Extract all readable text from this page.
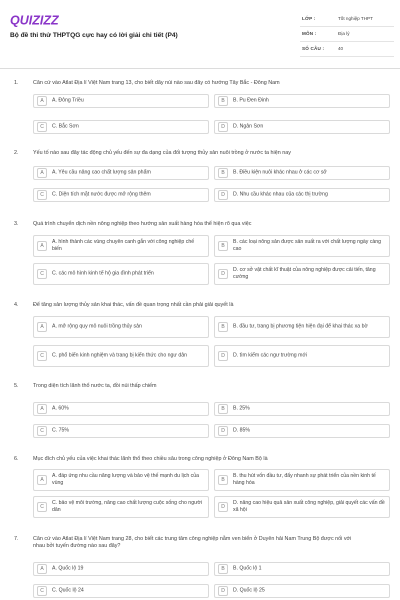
QUIZIZZ
Bộ đề thi thử THPTQG cực hay có lời giải chi tiết (P4)
LỚP :	Tốt nghiệp THPT
MÔN :	Địa lý
SỐ CÂU :	40
1.	Căn cứ vào Atlat Địa lí Việt Nam trang 13, cho biết dãy núi nào sau đây có hướng Tây Bắc - Đông Nam
A	A. Đông Triều	B	B. Pu Đen Đinh
C	C. Bắc Sơn	D	D. Ngân Sơn
2.	Yếu tố nào sau đây tác động chủ yếu đến sự đa dạng của đối tượng thủy sản nuôi trồng ở nước ta hiện nay
A	A. Yêu cầu nâng cao chất lượng sản phẩm	B	B. Điều kiện nuôi khác nhau ở các cơ sở
C	C. Diện tích mặt nước được mở rộng thêm	D	D. Nhu cầu khác nhau của các thị trường
3.	Quá trình chuyển dịch nền nông nghiệp theo hướng sản xuất hàng hóa thể hiện rõ qua việc
A
A. hình thành các vùng chuyên canh gắn với công nghiệp chế biến	B
B. các loại nông sản được sản xuất ra với chất lượng ngày càng cao
C	C. các mô hình kinh tế hộ gia đình phát triển	D
D. cơ sở vật chất kĩ thuật của nông nghiệp được cải tiến, tăng cường
4.	Để tăng sản lượng thủy sản khai thác, vấn đề quan trọng nhất cần phải giải quyết là
A	A. mở rộng quy mô nuôi trồng thủy sản	B	B. đầu tư, trang bị phương tiện hiện đại để khai thác xa bờ
C	C. phổ biến kinh nghiệm và trang bị kiến thức cho ngư dân	D	D. tìm kiếm các ngư trường mới
5.	Trong diện tích lãnh thổ nước ta, đồi núi thấp chiếm
A	A. 60%	B	B. 25%
C	C. 75%	D	D. 85%
6.	Mục đích chủ yếu của việc khai thác lãnh thổ theo chiều sâu trong công nghiệp ở Đông Nam Bộ là
A
A. đáp ứng nhu cầu năng lượng và bảo vệ thế mạnh du lịch của vùng	B
B. thu hút vốn đầu tư, đẩy nhanh sự phát triển của nền kinh tế hàng hóa
C
C. bảo vệ môi trường, nâng cao chất lượng cuộc sống cho người dân	D
D. nâng cao hiệu quả sản xuất công nghiệp, giải quyết các vấn đề xã hội
7.	Căn cứ vào Atlat Địa lí Việt Nam trang 28, cho biết các trung tâm công nghiệp nằm ven biển ở Duyên hải Nam Trung Bộ được nối với nhau bởi tuyến đường nào sau đây?
A	A. Quốc lộ 19	B	B. Quốc lộ 1
C	C. Quốc lộ 24	D	D. Quốc lộ 25
